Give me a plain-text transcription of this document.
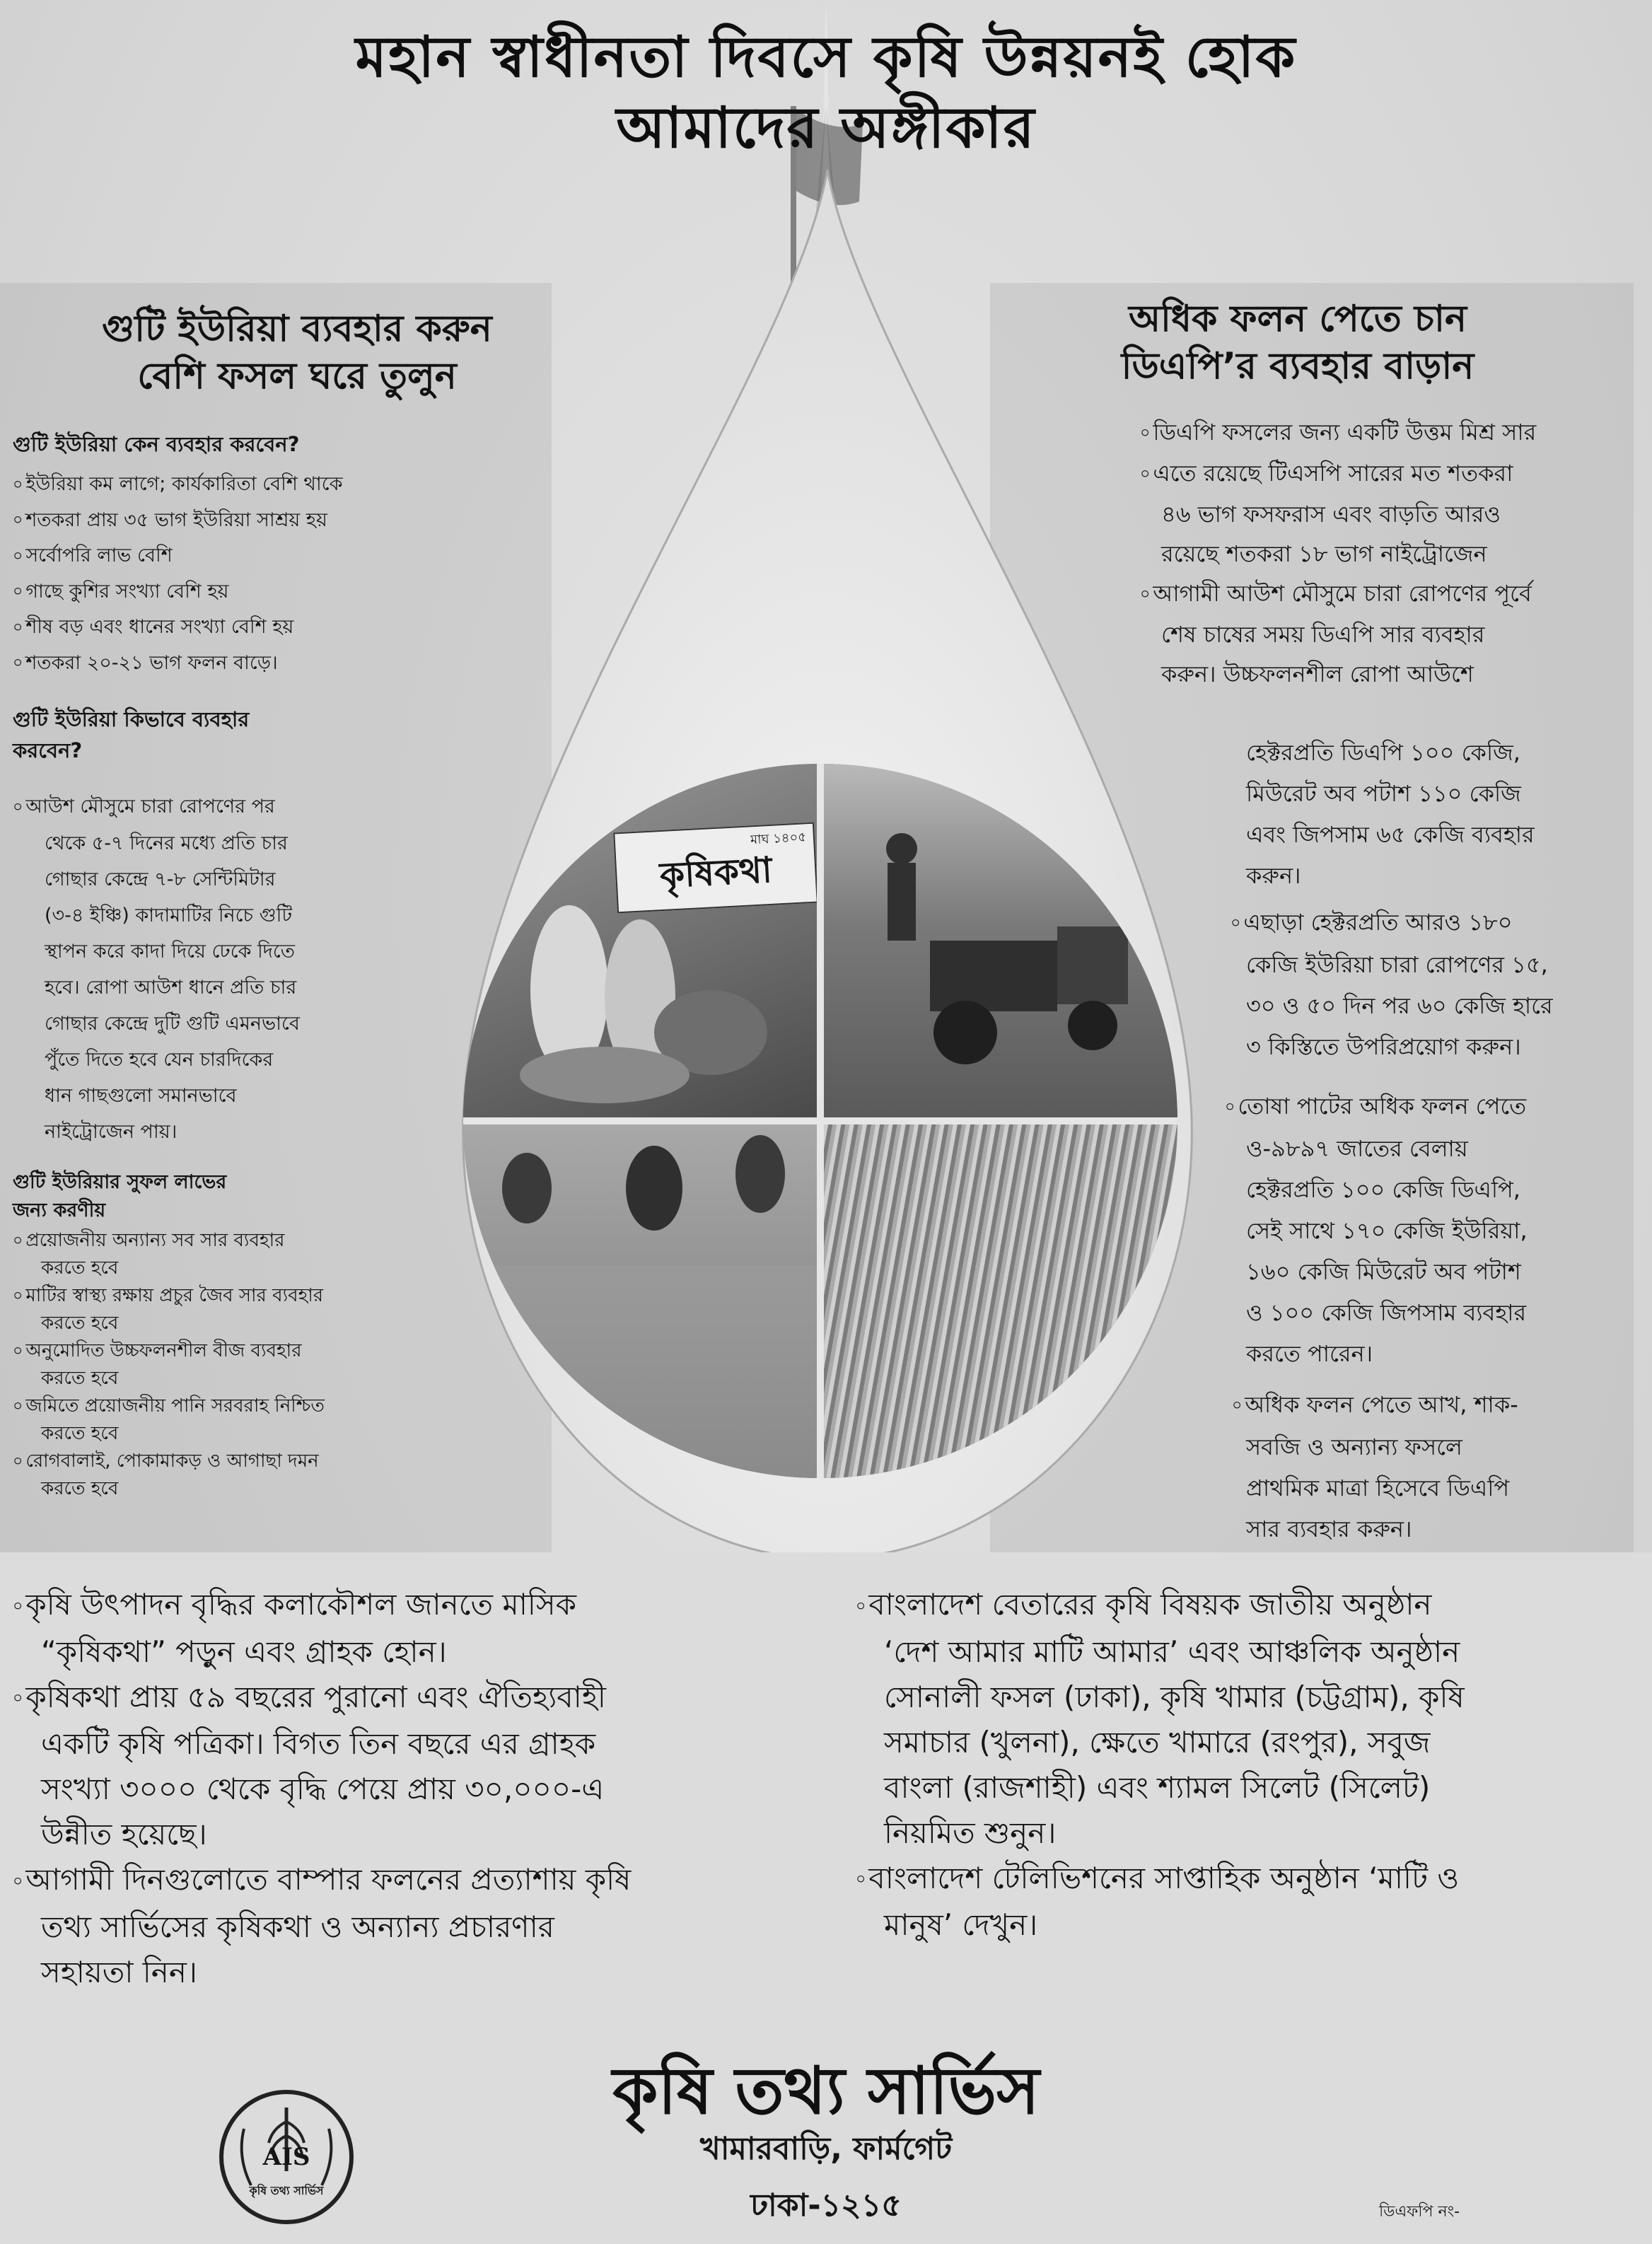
মাঘ ১৪০৫
কৃষিকথা
মহান স্বাধীনতা দিবসে কৃষি উন্নয়নই হোক
আমাদের অঙ্গীকার
গুটি ইউরিয়া ব্যবহার করুন
বেশি ফসল ঘরে তুলুন
গুটি ইউরিয়া কেন ব্যবহার করবেন?
০ ইউরিয়া কম লাগে; কার্যকারিতা বেশি থাকে
০ শতকরা প্রায় ৩৫ ভাগ ইউরিয়া সাশ্রয় হয়
০ সর্বোপরি লাভ বেশি
০ গাছে কুশির সংখ্যা বেশি হয়
০ শীষ বড় এবং ধানের সংখ্যা বেশি হয়
০ শতকরা ২০-২১ ভাগ ফলন বাড়ে।
গুটি ইউরিয়া কিভাবে ব্যবহার
করবেন?
০ আউশ মৌসুমে চারা রোপণের পর
থেকে ৫-৭ দিনের মধ্যে প্রতি চার
গোছার কেন্দ্রে ৭-৮ সেন্টিমিটার
(৩-৪ ইঞ্চি) কাদামাটির নিচে গুটি
স্থাপন করে কাদা দিয়ে ঢেকে দিতে
হবে। রোপা আউশ ধানে প্রতি চার
গোছার কেন্দ্রে দুটি গুটি এমনভাবে
পুঁতে দিতে হবে যেন চারদিকের
ধান গাছগুলো সমানভাবে
নাইট্রোজেন পায়।
গুটি ইউরিয়ার সুফল লাভের
জন্য করণীয়
০ প্রয়োজনীয় অন্যান্য সব সার ব্যবহার
করতে হবে
০ মাটির স্বাস্থ্য রক্ষায় প্রচুর জৈব সার ব্যবহার
করতে হবে
০ অনুমোদিত উচ্চফলনশীল বীজ ব্যবহার
করতে হবে
০ জমিতে প্রয়োজনীয় পানি সরবরাহ নিশ্চিত
করতে হবে
০ রোগবালাই, পোকামাকড় ও আগাছা দমন
করতে হবে
অধিক ফলন পেতে চান
ডিএপি’র ব্যবহার বাড়ান
০ ডিএপি ফসলের জন্য একটি উত্তম মিশ্র সার
০ এতে রয়েছে টিএসপি সারের মত শতকরা
৪৬ ভাগ ফসফরাস এবং বাড়তি আরও
রয়েছে শতকরা ১৮ ভাগ নাইট্রোজেন
০ আগামী আউশ মৌসুমে চারা রোপণের পূর্বে
শেষ চাষের সময় ডিএপি সার ব্যবহার
করুন। উচ্চফলনশীল রোপা আউশে
হেক্টরপ্রতি ডিএপি ১০০ কেজি,
মিউরেট অব পটাশ ১১০ কেজি
এবং জিপসাম ৬৫ কেজি ব্যবহার
করুন।
০ এছাড়া হেক্টরপ্রতি আরও ১৮০
কেজি ইউরিয়া চারা রোপণের ১৫,
৩০ ও ৫০ দিন পর ৬০ কেজি হারে
৩ কিস্তিতে উপরিপ্রয়োগ করুন।
০ তোষা পাটের অধিক ফলন পেতে
ও-৯৮৯৭ জাতের বেলায়
হেক্টরপ্রতি ১০০ কেজি ডিএপি,
সেই সাথে ১৭০ কেজি ইউরিয়া,
১৬০ কেজি মিউরেট অব পটাশ
ও ১০০ কেজি জিপসাম ব্যবহার
করতে পারেন।
০ অধিক ফলন পেতে আখ, শাক-
সবজি ও অন্যান্য ফসলে
প্রাথমিক মাত্রা হিসেবে ডিএপি
সার ব্যবহার করুন।
০কৃষি উৎপাদন বৃদ্ধির কলাকৌশল জানতে মাসিক
“কৃষিকথা” পড়ুন এবং গ্রাহক হোন।
০কৃষিকথা প্রায় ৫৯ বছরের পুরানো এবং ঐতিহ্যবাহী
একটি কৃষি পত্রিকা। বিগত তিন বছরে এর গ্রাহক
সংখ্যা ৩০০০ থেকে বৃদ্ধি পেয়ে প্রায় ৩০,০০০-এ
উন্নীত হয়েছে।
০আগামী দিনগুলোতে বাম্পার ফলনের প্রত্যাশায় কৃষি
তথ্য সার্ভিসের কৃষিকথা ও অন্যান্য প্রচারণার
সহায়তা নিন।
০বাংলাদেশ বেতারের কৃষি বিষয়ক জাতীয় অনুষ্ঠান
‘দেশ আমার মাটি আমার’ এবং আঞ্চলিক অনুষ্ঠান
সোনালী ফসল (ঢাকা), কৃষি খামার (চট্টগ্রাম), কৃষি
সমাচার (খুলনা), ক্ষেতে খামারে (রংপুর), সবুজ
বাংলা (রাজশাহী) এবং শ্যামল সিলেট (সিলেট)
নিয়মিত শুনুন।
০বাংলাদেশ টেলিভিশনের সাপ্তাহিক অনুষ্ঠান ‘মাটি ও
মানুষ’ দেখুন।
কৃষি তথ্য সার্ভিস
খামারবাড়ি, ফার্মগেট
ঢাকা-১২১৫
AIS
কৃষি তথ্য সার্ভিস
ডিএফপি নং-
